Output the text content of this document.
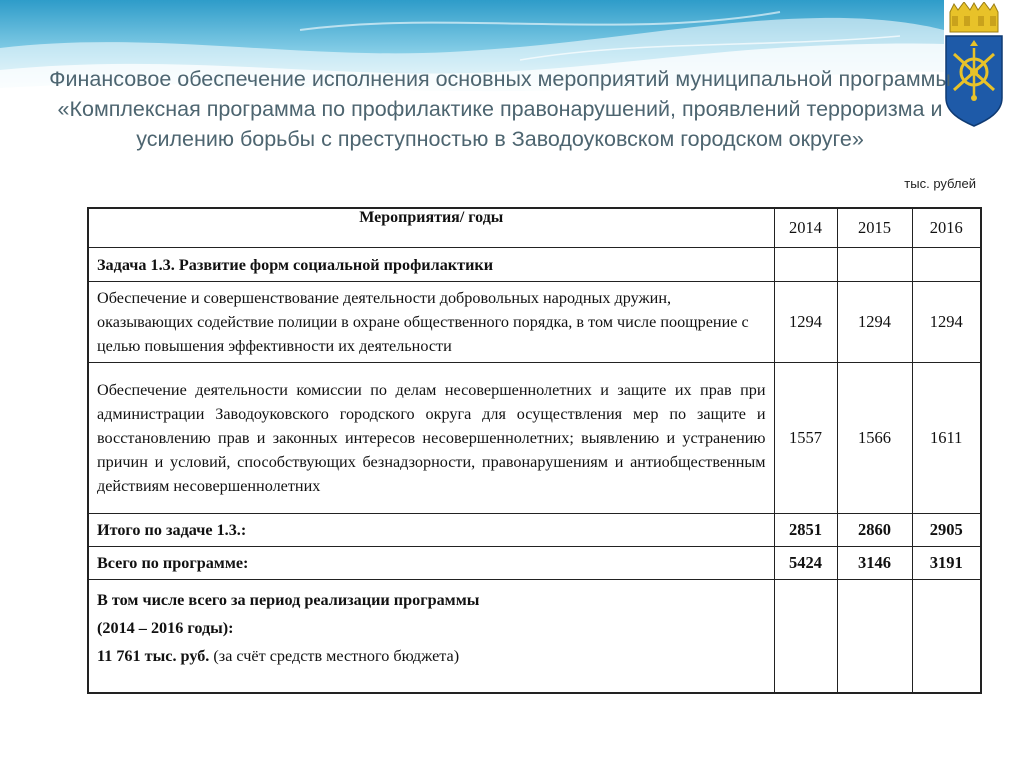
Финансовое обеспечение исполнения основных мероприятий муниципальной программы «Комплексная программа по профилактике правонарушений, проявлений терроризма и усилению борьбы с преступностью в Заводоуковском городском округе»
тыс. рублей
Мероприятия/ годы	2014	2015	2016
Задача 1.3. Развитие форм социальной профилактики			
Обеспечение и совершенствование деятельности добровольных народных дружин, оказывающих содействие полиции в охране общественного порядка, в том числе поощрение с целью повышения эффективности их деятельности	1294	1294	1294
Обеспечение деятельности комиссии по делам несовершеннолетних и защите их прав при администрации Заводоуковского городского округа для осуществления мер по защите и восстановлению прав и законных интересов несовершеннолетних; выявлению и устранению причин и условий, способствующих безнадзорности, правонарушениям и антиобщественным действиям несовершеннолетних	1557	1566	1611
Итого по задаче 1.3.:	2851	2860	2905
Всего по программе:	5424	3146	3191

В том числе всего за период реализации программы
(2014 – 2016 годы):
11 761 тыс. руб. (за счёт средств местного бюджета)			
